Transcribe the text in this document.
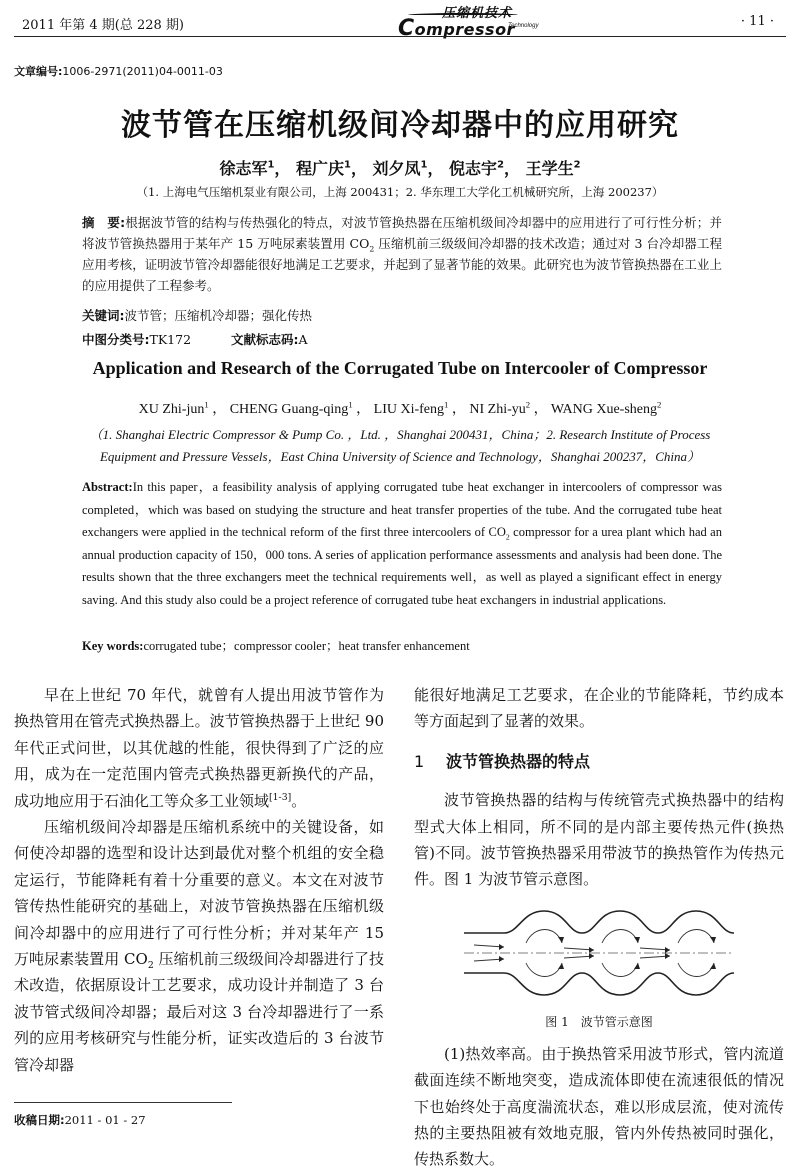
2011 年第 4 期(总 228 期)
压缩机技术
Compressor
Technology	· 11 ·
文章编号:1006-2971(2011)04-0011-03
波节管在压缩机级间冷却器中的应用研究
徐志军$^1$， 程广庆$^1$， 刘夕凤$^1$， 倪志宇$^2$， 王学生$^2$
（1. 上海电气压缩机泵业有限公司，上海 200431；2. 华东理工大学化工机械研究所，上海 200237）
摘　要:根据波节管的结构与传热强化的特点，对波节管换热器在压缩机级间冷却器中的应用进行了可行性分析；并将波节管换热器用于某年产 15 万吨尿素装置用 $CO_2$ 压缩机前三级级间冷却器的技术改造；通过对 3 台冷却器工程应用考核，证明波节管冷却器能很好地满足工艺要求，并起到了显著节能的效果。此研究也为波节管换热器在工业上的应用提供了工程参考。
关键词:波节管；压缩机冷却器；强化传热
中图分类号:TK172	文献标志码:A
Application and Research of the Corrugated Tube on Intercooler of Compressor
XU Zhi-jun$^1$ ， CHENG Guang-qing$^1$ ， LIU Xi-feng$^1$ ， NI Zhi-$yu^2$ ， WANG Xue-sheng$^2$
（1. Shanghai Electric Compressor & Pump Co. ，Ltd. ，Shanghai 200431，China；2. Research Institute of Process Equipment and Pressure Vessels，East China University of Science and Technology，Shanghai 200237，China）
Abstract:In this paper，a feasibility analysis of applying corrugated tube heat exchanger in intercoolers of compressor was completed，which was based on studying the structure and heat transfer properties of the tube. And the corrugated tube heat exchangers were applied in the technical reform of the first three intercoolers of $CO_2$ compressor for a urea plant which had an annual production capacity of 150，000 tons. A series of application performance assessments and analysis had been done. The results shown that the three exchangers meet the technical requirements well，as well as played a significant effect in energy saving. And this study also could be a project reference of corrugated tube heat exchangers in industrial applications.
Key words:corrugated tube；compressor cooler；heat transfer enhancement

早在上世纪 70 年代，就曾有人提出用波节管作为换热管用在管壳式换热器上。波节管换热器于上世纪 90 年代正式问世，以其优越的性能，很快得到了广泛的应用，成为在一定范围内管壳式换热器更新换代的产品，成功地应用于石油化工等众多工业领域[1-3]。

压缩机级间冷却器是压缩机系统中的关键设备，如何使冷却器的选型和设计达到最优对整个机组的安全稳定运行，节能降耗有着十分重要的意义。本文在对波节管传热性能研究的基础上，对波节管换热器在压缩机级间冷却器中的应用进行了可行性分析；并对某年产 15 万吨尿素装置用 $CO_2$ 压缩机前三级级间冷却器进行了技术改造，依据原设计工艺要求，成功设计并制造了 3 台波节管式级间冷却器；最后对这 3 台冷却器进行了一系列的应用考核研究与性能分析，证实改造后的 3 台波节管冷却器

能很好地满足工艺要求，在企业的节能降耗，节约成本等方面起到了显著的效果。

1 波节管换热器的特点

波节管换热器的结构与传统管壳式换热器中的结构型式大体上相同，所不同的是内部主要传热元件(换热管)不同。波节管换热器采用带波节的换热管作为传热元件。图 1 为波节管示意图。

图 1　波节管示意图

(1)热效率高。由于换热管采用波节形式，管内流道截面连续不断地突变，造成流体即使在流速很低的情况下也始终处于高度湍流状态，难以形成层流，使对流传热的主要热阻被有效地克服，管内外传热被同时强化，传热系数大。

收稿日期:2011 - 01 - 27
